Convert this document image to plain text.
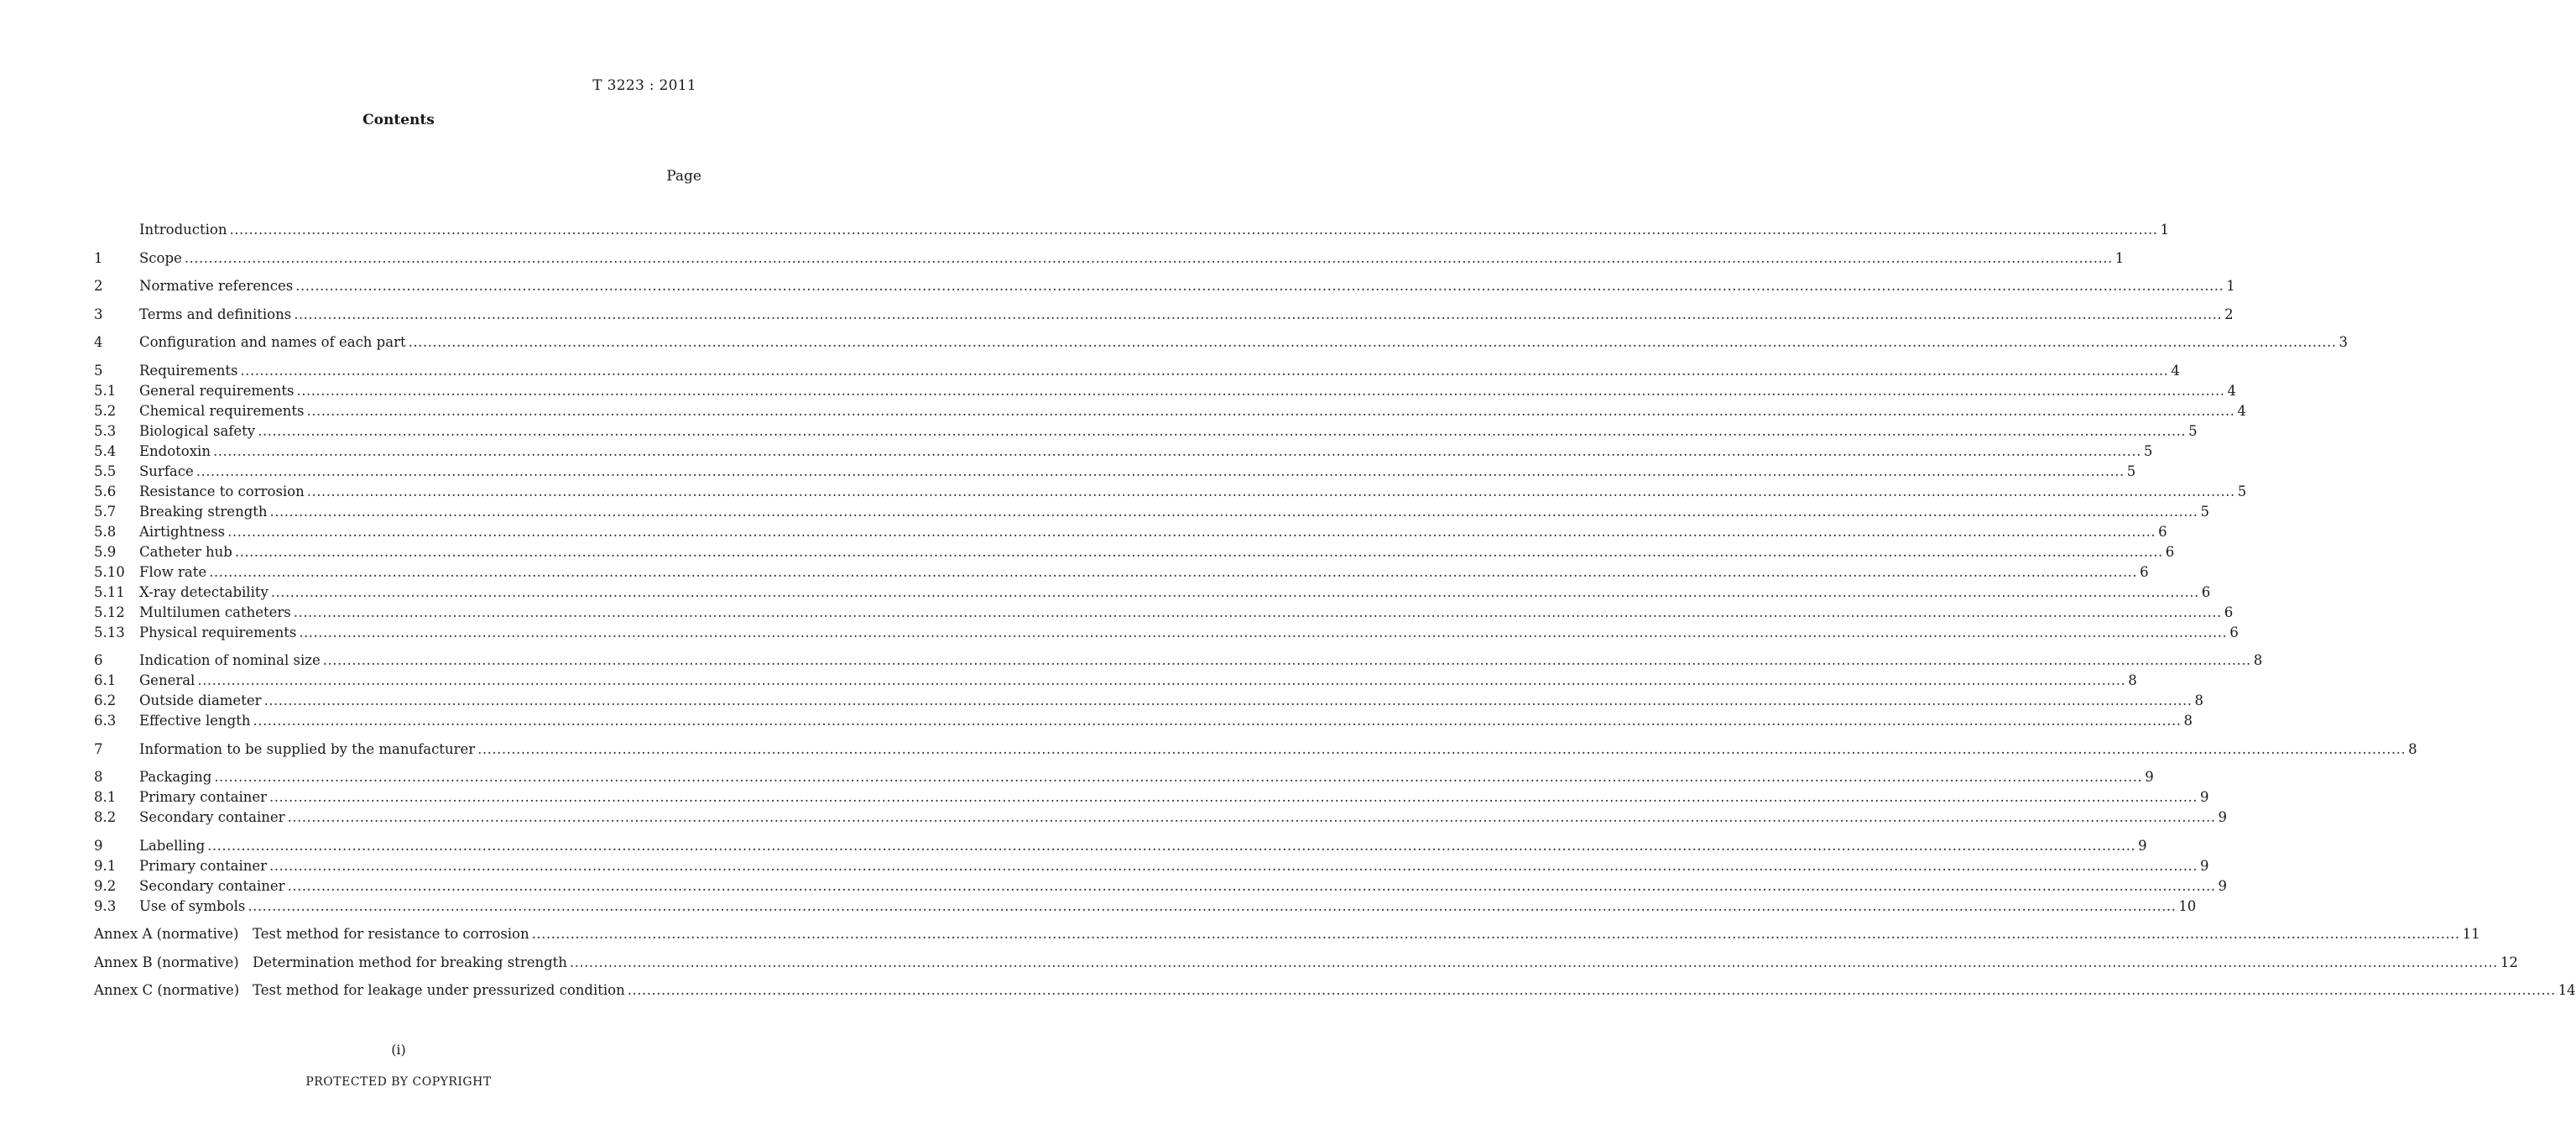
T 3223 : 2011
Contents
Page
Introduction ................................................................................................................................................................................................................................................................................................................................................................................................................ 1
1	Scope ................................................................................................................................................................................................................................................................................................................................................................................................................ 1
2	Normative references ................................................................................................................................................................................................................................................................................................................................................................................................................ 1
3	Terms and definitions ................................................................................................................................................................................................................................................................................................................................................................................................................ 2
4	Configuration and names of each part ................................................................................................................................................................................................................................................................................................................................................................................................................ 3
5	Requirements ................................................................................................................................................................................................................................................................................................................................................................................................................ 4
5.1	General requirements ................................................................................................................................................................................................................................................................................................................................................................................................................ 4
5.2	Chemical requirements ................................................................................................................................................................................................................................................................................................................................................................................................................ 4
5.3	Biological safety ................................................................................................................................................................................................................................................................................................................................................................................................................ 5
5.4	Endotoxin ................................................................................................................................................................................................................................................................................................................................................................................................................ 5
5.5	Surface ................................................................................................................................................................................................................................................................................................................................................................................................................ 5
5.6	Resistance to corrosion ................................................................................................................................................................................................................................................................................................................................................................................................................ 5
5.7	Breaking strength ................................................................................................................................................................................................................................................................................................................................................................................................................ 5
5.8	Airtightness ................................................................................................................................................................................................................................................................................................................................................................................................................ 6
5.9	Catheter hub ................................................................................................................................................................................................................................................................................................................................................................................................................ 6
5.10	Flow rate ................................................................................................................................................................................................................................................................................................................................................................................................................ 6
5.11	X-ray detectability ................................................................................................................................................................................................................................................................................................................................................................................................................ 6
5.12	Multilumen catheters ................................................................................................................................................................................................................................................................................................................................................................................................................ 6
5.13	Physical requirements ................................................................................................................................................................................................................................................................................................................................................................................................................ 6
6	Indication of nominal size ................................................................................................................................................................................................................................................................................................................................................................................................................ 8
6.1	General ................................................................................................................................................................................................................................................................................................................................................................................................................ 8
6.2	Outside diameter ................................................................................................................................................................................................................................................................................................................................................................................................................ 8
6.3	Effective length ................................................................................................................................................................................................................................................................................................................................................................................................................ 8
7	Information to be supplied by the manufacturer ................................................................................................................................................................................................................................................................................................................................................................................................................ 8
8	Packaging ................................................................................................................................................................................................................................................................................................................................................................................................................ 9
8.1	Primary container ................................................................................................................................................................................................................................................................................................................................................................................................................ 9
8.2	Secondary container ................................................................................................................................................................................................................................................................................................................................................................................................................ 9
9	Labelling ................................................................................................................................................................................................................................................................................................................................................................................................................ 9
9.1	Primary container ................................................................................................................................................................................................................................................................................................................................................................................................................ 9
9.2	Secondary container ................................................................................................................................................................................................................................................................................................................................................................................................................ 9
9.3	Use of symbols ................................................................................................................................................................................................................................................................................................................................................................................................................ 10
Annex A (normative)	Test method for resistance to corrosion ................................................................................................................................................................................................................................................................................................................................................................................................................ 11
Annex B (normative) Determination method for breaking strength ................................................................................................................................................................................................................................................................................................................................................................................................................ 12
Annex C (normative) Test method for leakage under pressurized condition ................................................................................................................................................................................................................................................................................................................................................................................................................ 14
(i)
PROTECTED BY COPYRIGHT
